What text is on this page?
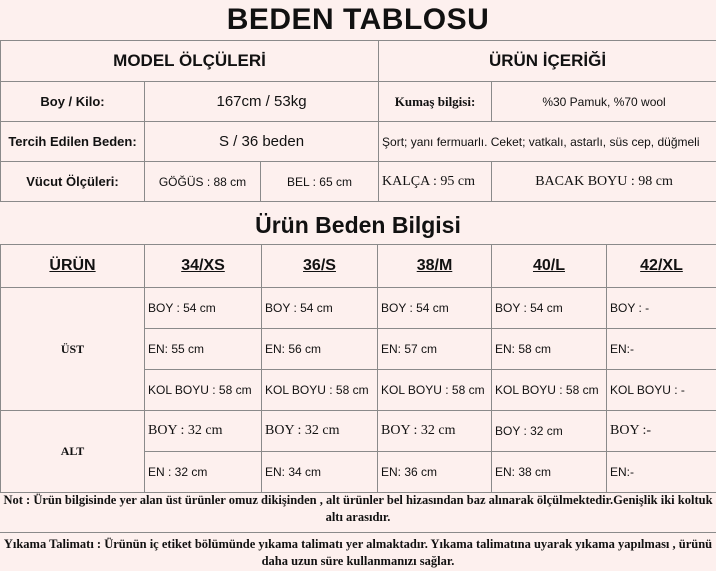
BEDEN TABLOSU
MODEL ÖLÇÜLERİ			ÜRÜN İÇERİĞİ	
Boy / Kilo:	167cm / 53kg		Kumaş bilgisi:	%30 Pamuk, %70 wool
Tercih Edilen Beden:	S / 36 beden		Şort; yanı fermuarlı. Ceket; vatkalı, astarlı, süs cep, düğmeli	
Vücut Ölçüleri:	GÖĞÜS : 88 cm	BEL : 65 cm	KALÇA : 95 cm	BACAK BOYU : 98 cm
Ürün Beden Bilgisi
ÜRÜN	34/XS	36/S	38/M	40/L	42/XL
ÜST	BOY : 54 cm	BOY : 54 cm	BOY : 54 cm	BOY : 54 cm	BOY : -
	EN: 55 cm	EN: 56 cm	EN: 57 cm	EN: 58 cm	EN:-
	KOL BOYU : 58 cm	KOL BOYU : 58 cm	KOL BOYU : 58 cm	KOL BOYU : 58 cm	KOL BOYU : -
ALT	BOY : 32 cm	BOY : 32 cm	BOY : 32 cm	BOY : 32 cm	BOY :-
	EN : 32 cm	EN: 34 cm	EN: 36 cm	EN: 38 cm	EN:-
Not : Ürün bilgisinde yer alan üst ürünler omuz dikişinden , alt ürünler bel hizasından baz alınarak ölçülmektedir.Genişlik iki koltuk altı arasıdır.
Yıkama Talimatı : Ürünün iç etiket bölümünde yıkama talimatı yer almaktadır. Yıkama talimatına uyarak yıkama yapılması , ürünü daha uzun süre kullanmanızı sağlar.
